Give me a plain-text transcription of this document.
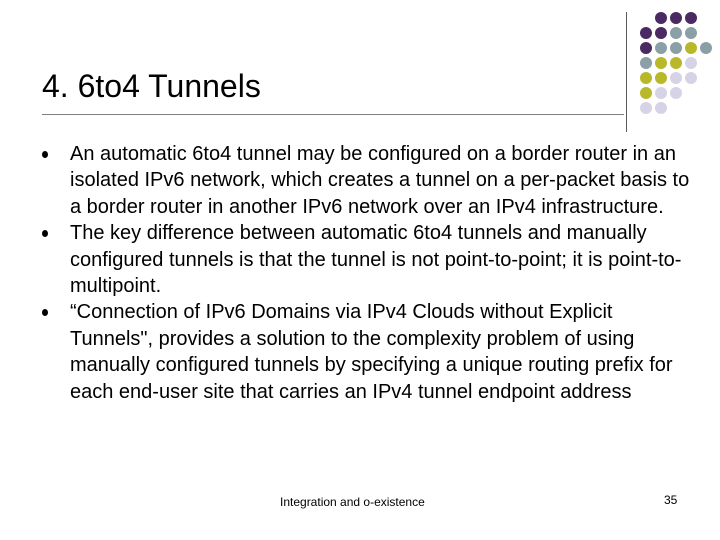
4. 6to4 Tunnels
An automatic 6to4 tunnel may be configured on a border router in an isolated IPv6 network, which creates a tunnel on a per-packet basis to a border router in another IPv6 network over an IPv4 infrastructure.
The key difference between automatic 6to4 tunnels and manually configured tunnels is that the tunnel is not point-to-point; it is point-to-multipoint.
“Connection of IPv6 Domains via IPv4 Clouds without Explicit Tunnels", provides a solution to the complexity problem of using manually configured tunnels by specifying a unique routing prefix for each end-user site that carries an IPv4 tunnel endpoint address
Integration and o-existence	35
